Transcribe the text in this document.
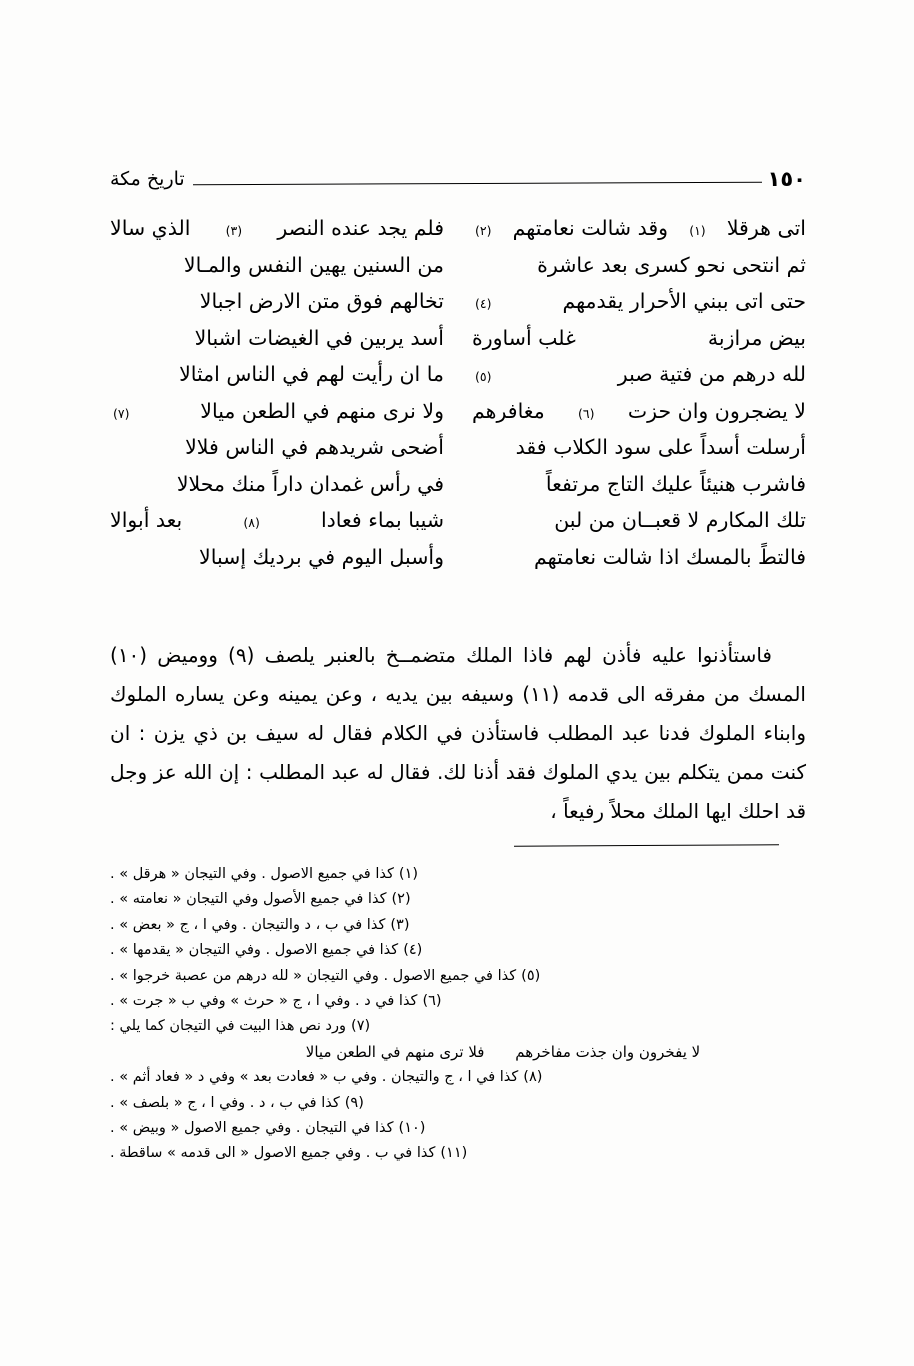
١٥٠
تاريخ مكة
اتى هرقلا
( ١ )
وقد شالت نعامتهم
( ٢ )
ثم انتحى نحو كسرى بعد عاشرة
حتى اتى ببني الأحرار يقدمهم
( ٤ )
بيض مرازبة
غلب أساورة
لله درهم من فتية صبر
( ٥ )
لا يضجرون وان حزت
( ٦ )
مغافرهم
أرسلت أسداً على سود الكلاب فقد
فاشرب هنيئاً عليك التاج مرتفعاً
تلك المكارم لا قعبــان من لبن
فالتطً بالمسك اذا شالت نعامتهم
فلم يجد عنده النصر
( ٣ )
الذي سالا
من السنين يهين النفس والمـالا
تخالهم فوق متن الارض اجبالا
أسد يربين في الغيضات اشبالا
ما ان رأيت لهم في الناس امثالا
ولا نرى منهم في الطعن ميالا
( ٧ )
أضحى شريدهم في الناس فلالا
في رأس غمدان داراً منك محلالا
شيبا بماء فعادا
( ٨ )
بعد أبوالا
وأسبل اليوم في برديك إسبالا

فاستأذنوا عليه فأذن لهم فاذا الملك متضمــخ بالعنبر يلصف (٩) ووميض (١٠) المسك من مفرقه الى قدمه (١١) وسيفه بين يديه ، وعن يمينه وعن يساره الملوك وابناء الملوك فدنا عبد المطلب فاستأذن في الكلام فقال له سيف بن ذي يزن : ان كنت ممن يتكلم بين يدي الملوك فقد أذنا لك. فقال له عبد المطلب : إن الله عز وجل قد احلك ايها الملك محلاً رفيعاً ،

( ١ )كذا في جميع الاصول . وفي التيجان « هرقل » .
( ٢ )كذا في جميع الأصول وفي التيجان « نعامته » .
( ٣ )كذا في ب ، د والتيجان . وفي ا ، ج « بعض » .
( ٤ )كذا في جميع الاصول . وفي التيجان « يقدمها » .
( ٥ )كذا في جميع الاصول . وفي التيجان « لله درهم من عصبة خرجوا » .
( ٦ )كذا في د . وفي ا ، ج « حرث » وفي ب « جرت » .
( ٧ )ورد نص هذا البيت في التيجان كما يلي :
لا يفخرون وان جذت مفاخرهم فلا ترى منهم في الطعن ميالا
( ٨ )كذا في ا ، ج والتيجان . وفي ب « فعادت بعد » وفي د « فعاد أثم » .
( ٩ )كذا في ب ، د . وفي ا ، ج « بلصف » .
( ١٠ )كذا في التيجان . وفي جميع الاصول « وبيض » .
( ١١ )كذا في ب . وفي جميع الاصول « الى قدمه » ساقطة .
